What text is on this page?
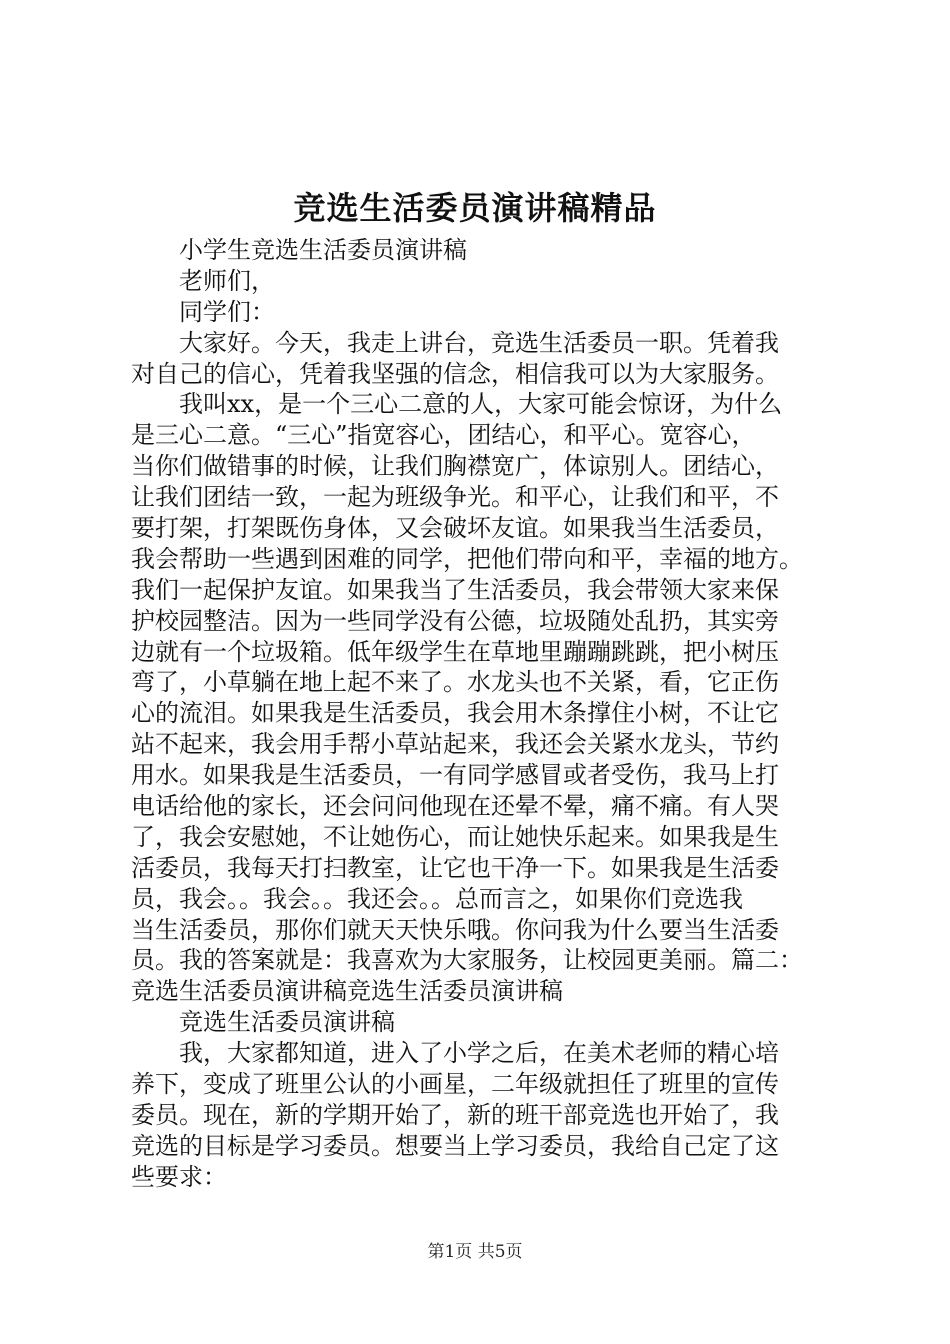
竞选生活委员演讲稿精品
小学生竞选生活委员演讲稿
老师们，
同学们：
大家好。今天，我走上讲台，竞选生活委员一职。凭着我
对自己的信心，凭着我坚强的信念，相信我可以为大家服务。
我叫xx，是一个三心二意的人，大家可能会惊讶，为什么
是三心二意。“三心”指宽容心，团结心，和平心。宽容心，
当你们做错事的时候，让我们胸襟宽广，体谅别人。团结心，
让我们团结一致，一起为班级争光。和平心，让我们和平，不
要打架，打架既伤身体，又会破坏友谊。如果我当生活委员，
我会帮助一些遇到困难的同学，把他们带向和平，幸福的地方。
我们一起保护友谊。如果我当了生活委员，我会带领大家来保
护校园整洁。因为一些同学没有公德，垃圾随处乱扔，其实旁
边就有一个垃圾箱。低年级学生在草地里蹦蹦跳跳，把小树压
弯了，小草躺在地上起不来了。水龙头也不关紧，看，它正伤
心的流泪。如果我是生活委员，我会用木条撑住小树，不让它
站不起来，我会用手帮小草站起来，我还会关紧水龙头，节约
用水。如果我是生活委员，一有同学感冒或者受伤，我马上打
电话给他的家长，还会问问他现在还晕不晕，痛不痛。有人哭
了，我会安慰她，不让她伤心，而让她快乐起来。如果我是生
活委员，我每天打扫教室，让它也干净一下。如果我是生活委
员，我会。。我会。。我还会。。总而言之，如果你们竞选我
当生活委员，那你们就天天快乐哦。你问我为什么要当生活委
员。我的答案就是：我喜欢为大家服务，让校园更美丽。篇二：
竞选生活委员演讲稿竞选生活委员演讲稿
竞选生活委员演讲稿
我，大家都知道，进入了小学之后，在美术老师的精心培
养下，变成了班里公认的小画星，二年级就担任了班里的宣传
委员。现在，新的学期开始了，新的班干部竞选也开始了，我
竞选的目标是学习委员。想要当上学习委员，我给自己定了这
些要求：
第1页 共5页
